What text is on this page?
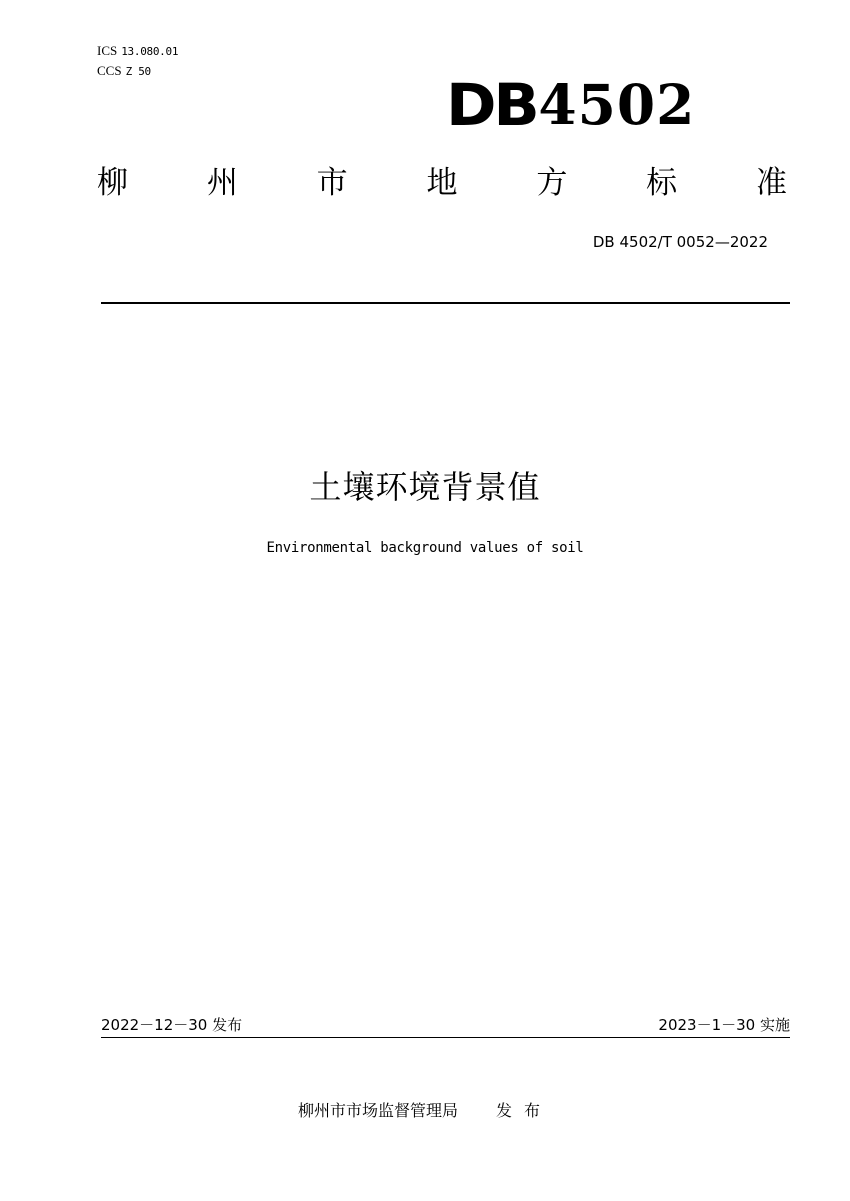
ICS 13.080.01
CCS Z 50	DB 4502
柳	州	市	地	方	标	准
DB 4502/T 0052—2022
土壤环境背景值
Environmental background values of soil
2022－12－30 发布	2023－1－30 实施
柳州市市场监督管理局 发布
